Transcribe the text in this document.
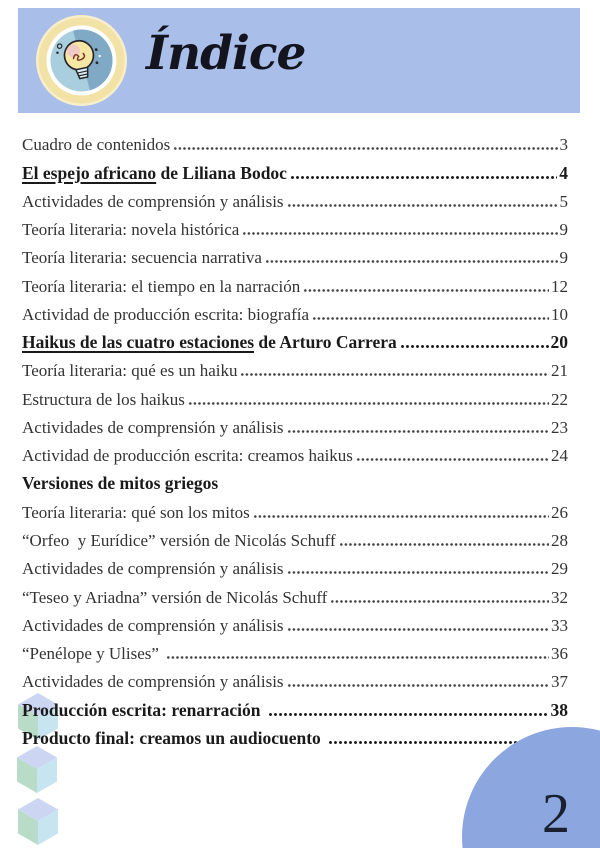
Índice
Cuadro de contenidos	3
El espejo africano de Liliana Bodoc	4
Actividades de comprensión y análisis	5
Teoría literaria: novela histórica	9
Teoría literaria: secuencia narrativa	9
Teoría literaria: el tiempo en la narración	12
Actividad de producción escrita: biografía	10
Haikus de las cuatro estaciones de Arturo Carrera	20
Teoría literaria: qué es un haiku	21
Estructura de los haikus	22
Actividades de comprensión y análisis	23
Actividad de producción escrita: creamos haikus	24
Versiones de mitos griegos
Teoría literaria: qué son los mitos	26
“Orfeo  y Eurídice” versión de Nicolás Schuff	28
Actividades de comprensión y análisis	29
“Teseo y Ariadna” versión de Nicolás Schuff	32
Actividades de comprensión y análisis	33
“Penélope y Ulises”	36
Actividades de comprensión y análisis	37
Producción escrita: renarración	38
Producto final: creamos un audiocuento
2
